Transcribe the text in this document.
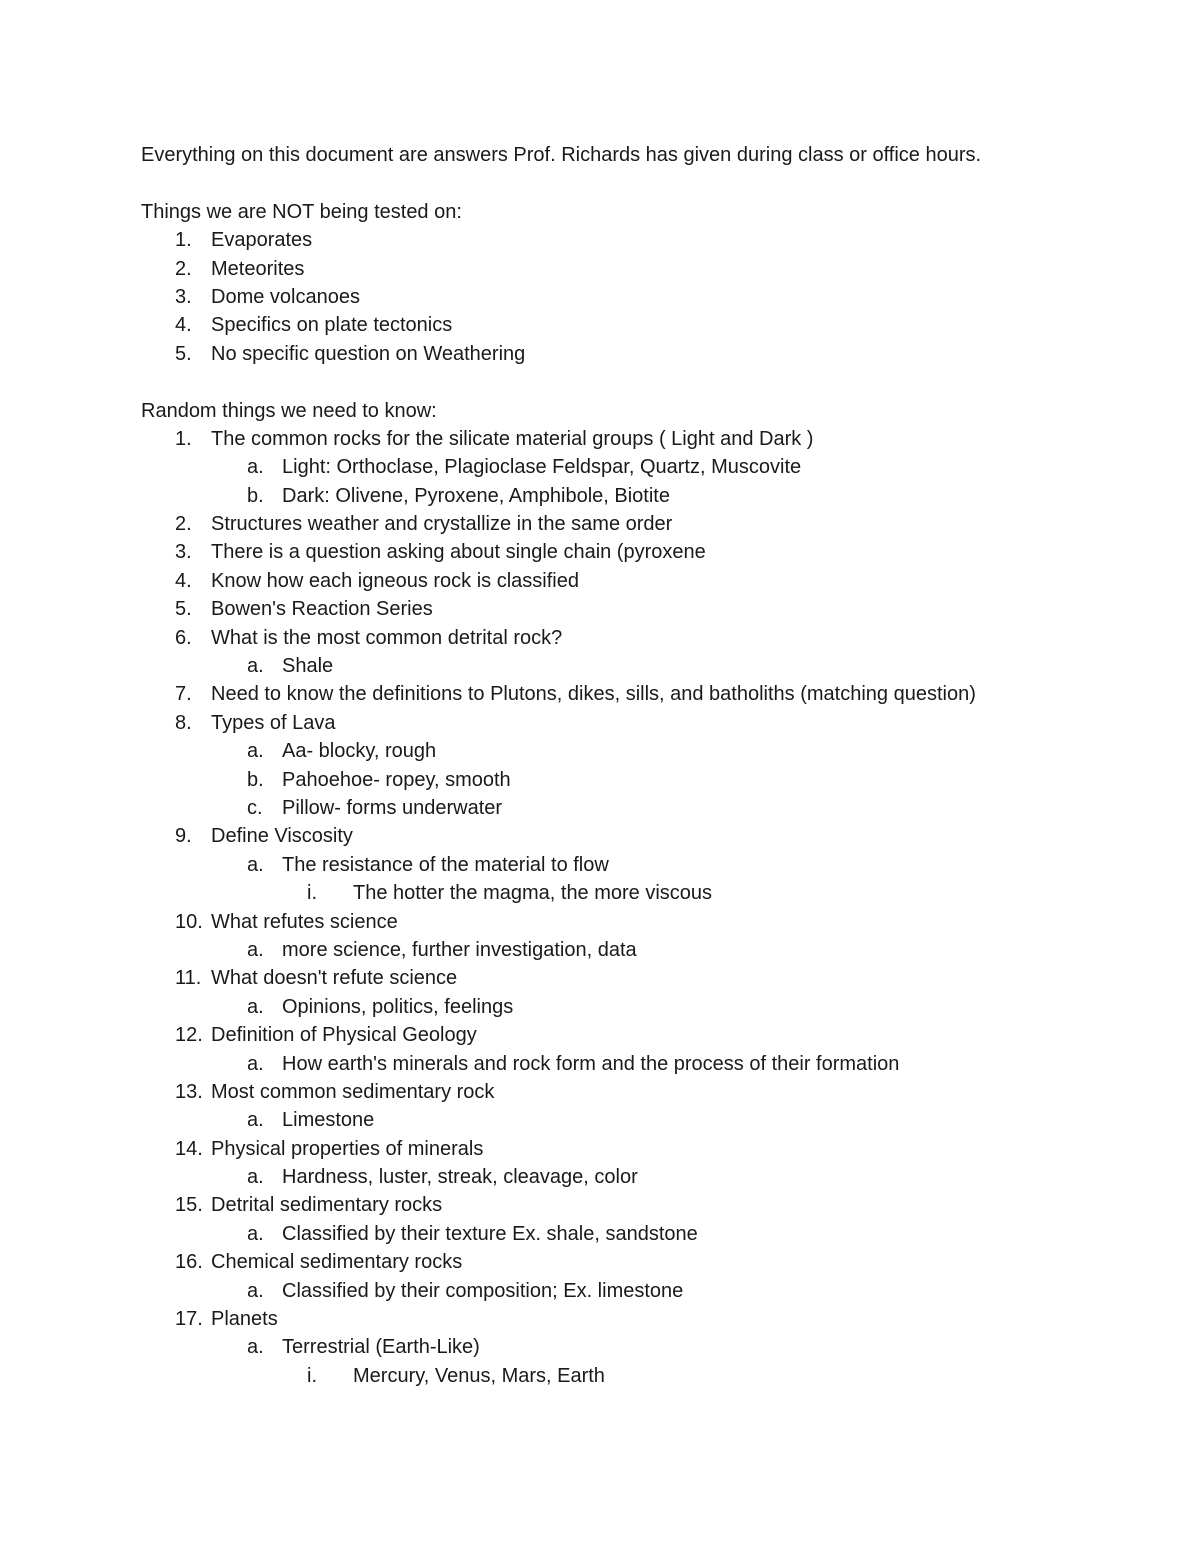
Everything on this document are answers Prof. Richards has given during class or office hours.
Things we are NOT being tested on:
1. Evaporates
2. Meteorites
3. Dome volcanoes
4. Specifics on plate tectonics
5. No specific question on Weathering
Random things we need to know:
1. The common rocks for the silicate material groups ( Light and Dark )
a. Light: Orthoclase, Plagioclase Feldspar, Quartz, Muscovite
b. Dark: Olivene, Pyroxene, Amphibole, Biotite
2. Structures weather and crystallize in the same order
3. There is a question asking about single chain (pyroxene
4. Know how each igneous rock is classified
5. Bowen's Reaction Series
6. What is the most common detrital rock?
a. Shale
7. Need to know the definitions to Plutons, dikes, sills, and batholiths (matching question)
8. Types of Lava
a. Aa- blocky, rough
b. Pahoehoe- ropey, smooth
c. Pillow- forms underwater
9. Define Viscosity
a. The resistance of the material to flow
i. The hotter the magma, the more viscous
10. What refutes science
a. more science, further investigation, data
11. What doesn't refute science
a. Opinions, politics, feelings
12. Definition of Physical Geology
a. How earth's minerals and rock form and the process of their formation
13. Most common sedimentary rock
a. Limestone
14. Physical properties of minerals
a. Hardness, luster, streak, cleavage, color
15. Detrital sedimentary rocks
a. Classified by their texture Ex. shale, sandstone
16. Chemical sedimentary rocks
a. Classified by their composition; Ex. limestone
17. Planets
a. Terrestrial (Earth-Like)
i. Mercury, Venus, Mars, Earth
